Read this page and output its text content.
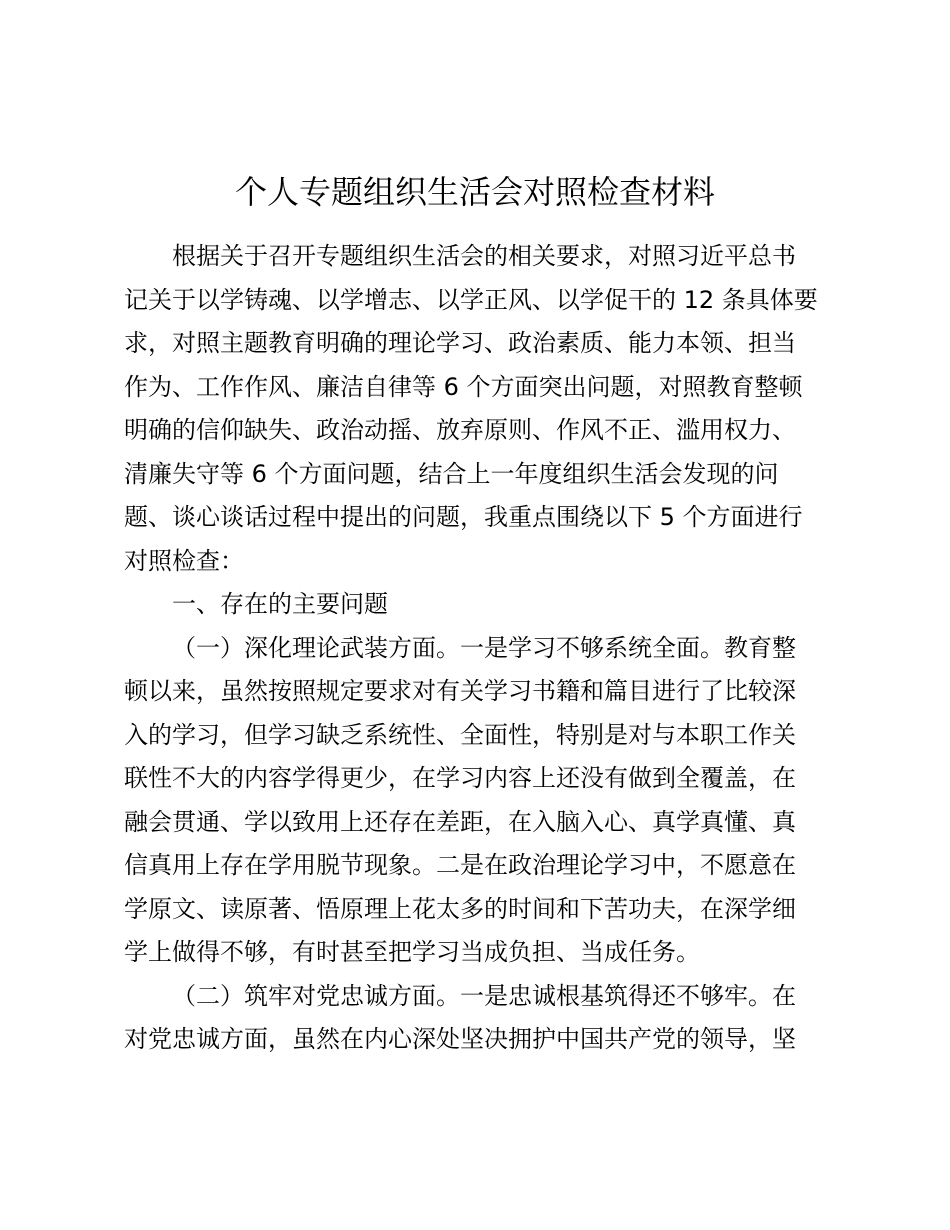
个人专题组织生活会对照检查材料
根据关于召开专题组织生活会的相关要求，对照习近平总书
记关于以学铸魂、以学增志、以学正风、以学促干的 12 条具体要
求，对照主题教育明确的理论学习、政治素质、能力本领、担当
作为、工作作风、廉洁自律等 6 个方面突出问题，对照教育整顿
明确的信仰缺失、政治动摇、放弃原则、作风不正、滥用权力、
清廉失守等 6 个方面问题，结合上一年度组织生活会发现的问
题、谈心谈话过程中提出的问题，我重点围绕以下 5 个方面进行
对照检查：
一、存在的主要问题
（一）深化理论武装方面。一是学习不够系统全面。教育整
顿以来，虽然按照规定要求对有关学习书籍和篇目进行了比较深
入的学习，但学习缺乏系统性、全面性，特别是对与本职工作关
联性不大的内容学得更少，在学习内容上还没有做到全覆盖，在
融会贯通、学以致用上还存在差距，在入脑入心、真学真懂、真
信真用上存在学用脱节现象。二是在政治理论学习中，不愿意在
学原文、读原著、悟原理上花太多的时间和下苦功夫，在深学细
学上做得不够，有时甚至把学习当成负担、当成任务。
（二）筑牢对党忠诚方面。一是忠诚根基筑得还不够牢。在
对党忠诚方面，虽然在内心深处坚决拥护中国共产党的领导，坚
